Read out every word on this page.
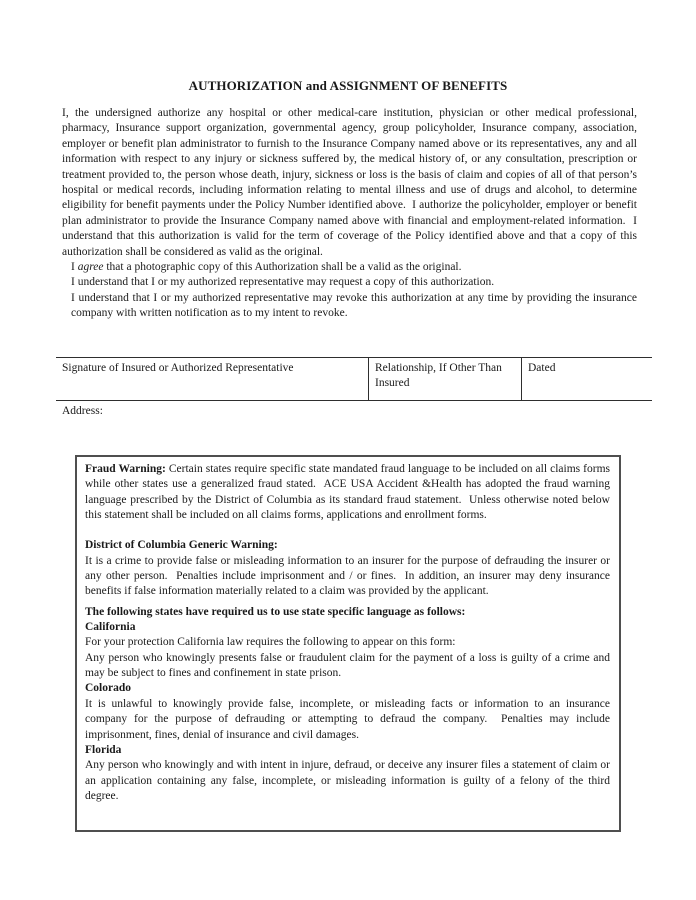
AUTHORIZATION and ASSIGNMENT OF BENEFITS

I, the undersigned authorize any hospital or other medical-care institution, physician or other medical professional, pharmacy, Insurance support organization, governmental agency, group policyholder, Insurance company, association, employer or benefit plan administrator to furnish to the Insurance Company named above or its representatives, any and all information with respect to any injury or sickness suffered by, the medical history of, or any consultation, prescription or treatment provided to, the person whose death, injury, sickness or loss is the basis of claim and copies of all of that person’s hospital or medical records, including information relating to mental illness and use of drugs and alcohol, to determine eligibility for benefit payments under the Policy Number identified above.  I authorize the policyholder, employer or benefit plan administrator to provide the Insurance Company named above with financial and employment-related information.  I understand that this authorization is valid for the term of coverage of the Policy identified above and that a copy of this authorization shall be considered as valid as the original.

I agree that a photographic copy of this Authorization shall be a valid as the original.

I understand that I or my authorized representative may request a copy of this authorization.

I understand that I or my authorized representative may revoke this authorization at any time by providing the insurance company with written notification as to my intent to revoke.

Signature of Insured or Authorized Representative	Relationship, If Other Than Insured
Dated
Address:

Fraud Warning: Certain states require specific state mandated fraud language to be included on all claims forms while other states use a generalized fraud stated.  ACE USA Accident &Health has adopted the fraud warning language prescribed by the District of Columbia as its standard fraud statement.  Unless otherwise noted below this statement shall be included on all claims forms, applications and enrollment forms.

District of Columbia Generic Warning:

It is a crime to provide false or misleading information to an insurer for the purpose of defrauding the insurer or any other person.  Penalties include imprisonment and / or fines.  In addition, an insurer may deny insurance benefits if false information materially related to a claim was provided by the applicant.

The following states have required us to use state specific language as follows:

California

For your protection California law requires the following to appear on this form:

Any person who knowingly presents false or fraudulent claim for the payment of a loss is guilty of a crime and may be subject to fines and confinement in state prison.

Colorado

It is unlawful to knowingly provide false, incomplete, or misleading facts or information to an insurance company for the purpose of defrauding or attempting to defraud the company.  Penalties may include imprisonment, fines, denial of insurance and civil damages.

Florida

Any person who knowingly and with intent in injure, defraud, or deceive any insurer files a statement of claim or an application containing any false, incomplete, or misleading information is guilty of a felony of the third degree.
